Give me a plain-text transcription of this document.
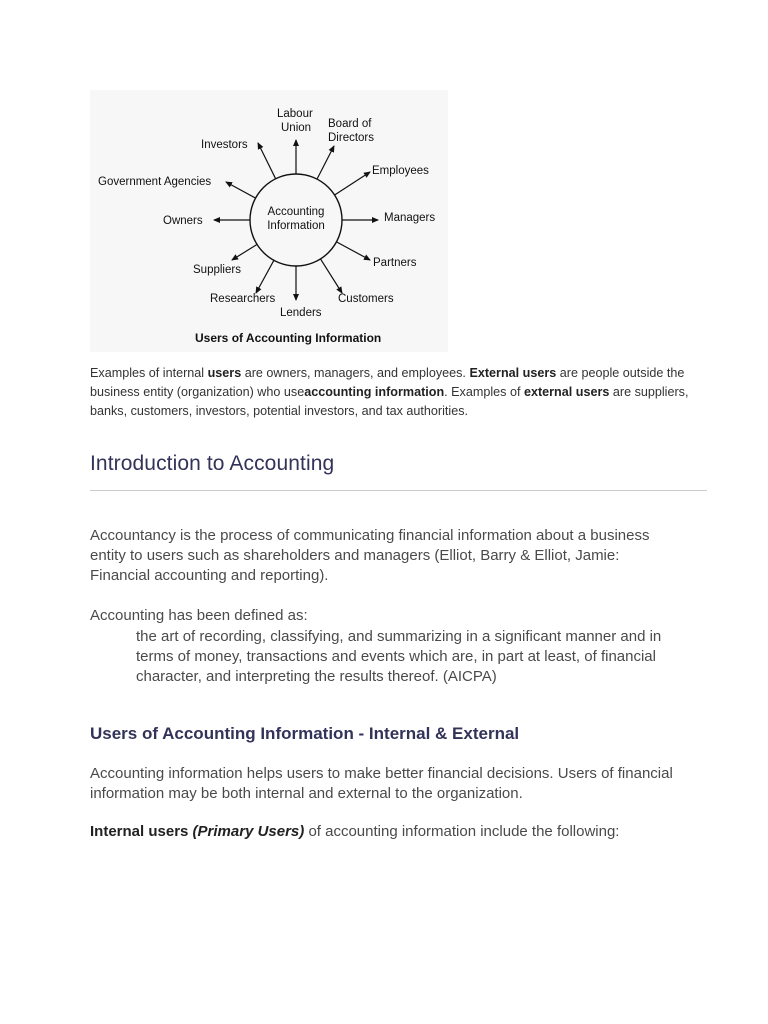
Accounting
Information
Labour
Union Board of
Directors
Investors
Employees
Government Agencies
Owners	Managers
Suppliers
Partners
Researchers	Customers
Lenders
Users of Accounting Information

Examples of internal users are owners, managers, and employees. External users are people outside the business entity (organization) who useaccounting information. Examples of external users are suppliers, banks, customers, investors, potential investors, and tax authorities.

Introduction to Accounting

Accountancy is the process of communicating financial information about a business entity to users such as shareholders and managers (Elliot, Barry & Elliot, Jamie: Financial accounting and reporting).

Accounting has been defined as:

the art of recording, classifying, and summarizing in a significant manner and in terms of money, transactions and events which are, in part at least, of financial character, and interpreting the results thereof. (AICPA)

Users of Accounting Information - Internal & External

Accounting information helps users to make better financial decisions. Users of financial information may be both internal and external to the organization.

Internal users (Primary Users) of accounting information include the following:
